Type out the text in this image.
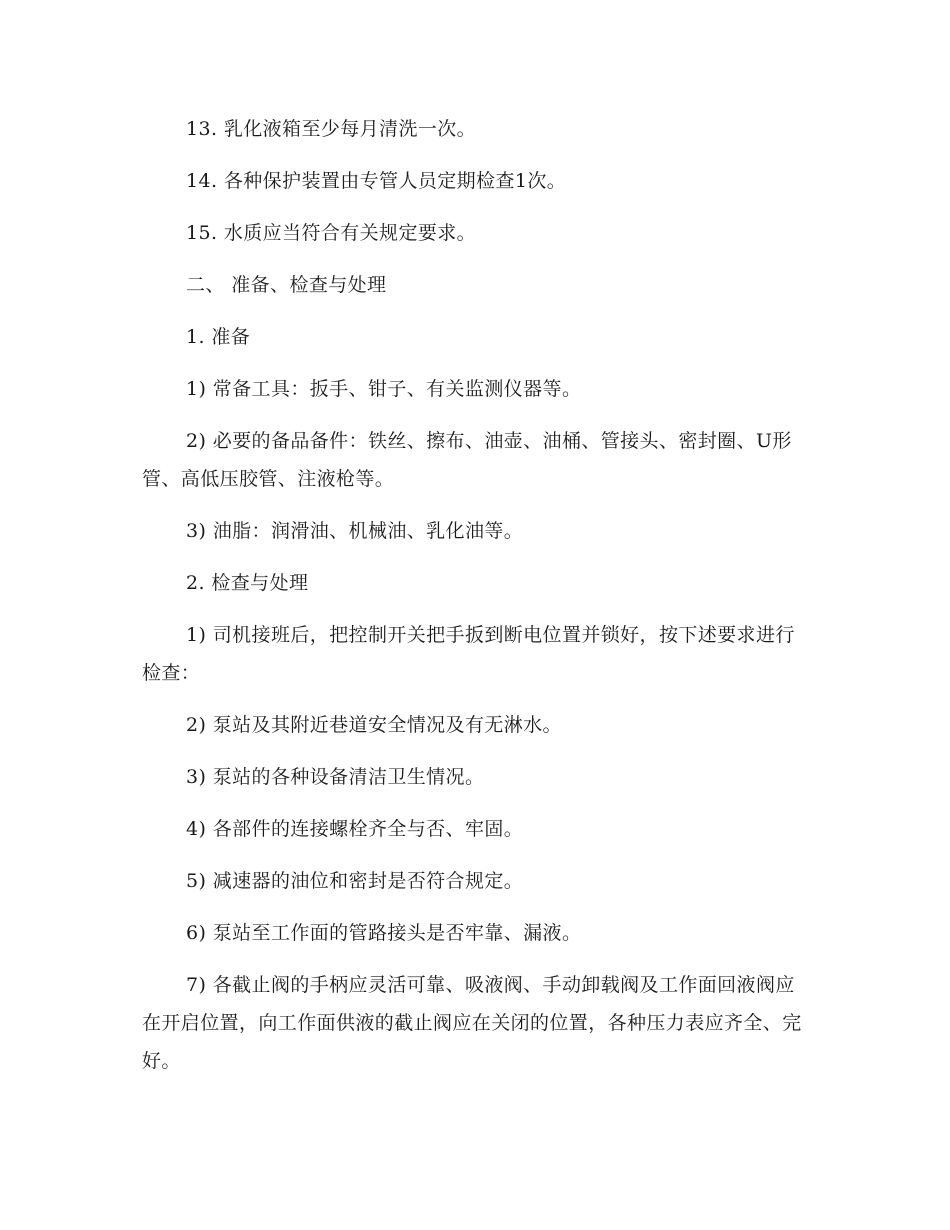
13. 乳化液箱至少每月清洗一次。

14. 各种保护装置由专管人员定期检查1次。

15. 水质应当符合有关规定要求。

二、 准备、检查与处理

1. 准备

1) 常备工具：扳手、钳子、有关监测仪器等。

2) 必要的备品备件：铁丝、擦布、油壶、油桶、管接头、密封圈、U形管、高低压胶管、注液枪等。

3) 油脂：润滑油、机械油、乳化油等。

2. 检查与处理

1) 司机接班后，把控制开关把手扳到断电位置并锁好，按下述要求进行检查：

2) 泵站及其附近巷道安全情况及有无淋水。

3) 泵站的各种设备清洁卫生情况。

4) 各部件的连接螺栓齐全与否、牢固。

5) 减速器的油位和密封是否符合规定。

6) 泵站至工作面的管路接头是否牢靠、漏液。

7) 各截止阀的手柄应灵活可靠、吸液阀、手动卸载阀及工作面回液阀应在开启位置，向工作面供液的截止阀应在关闭的位置，各种压力表应齐全、完好。
